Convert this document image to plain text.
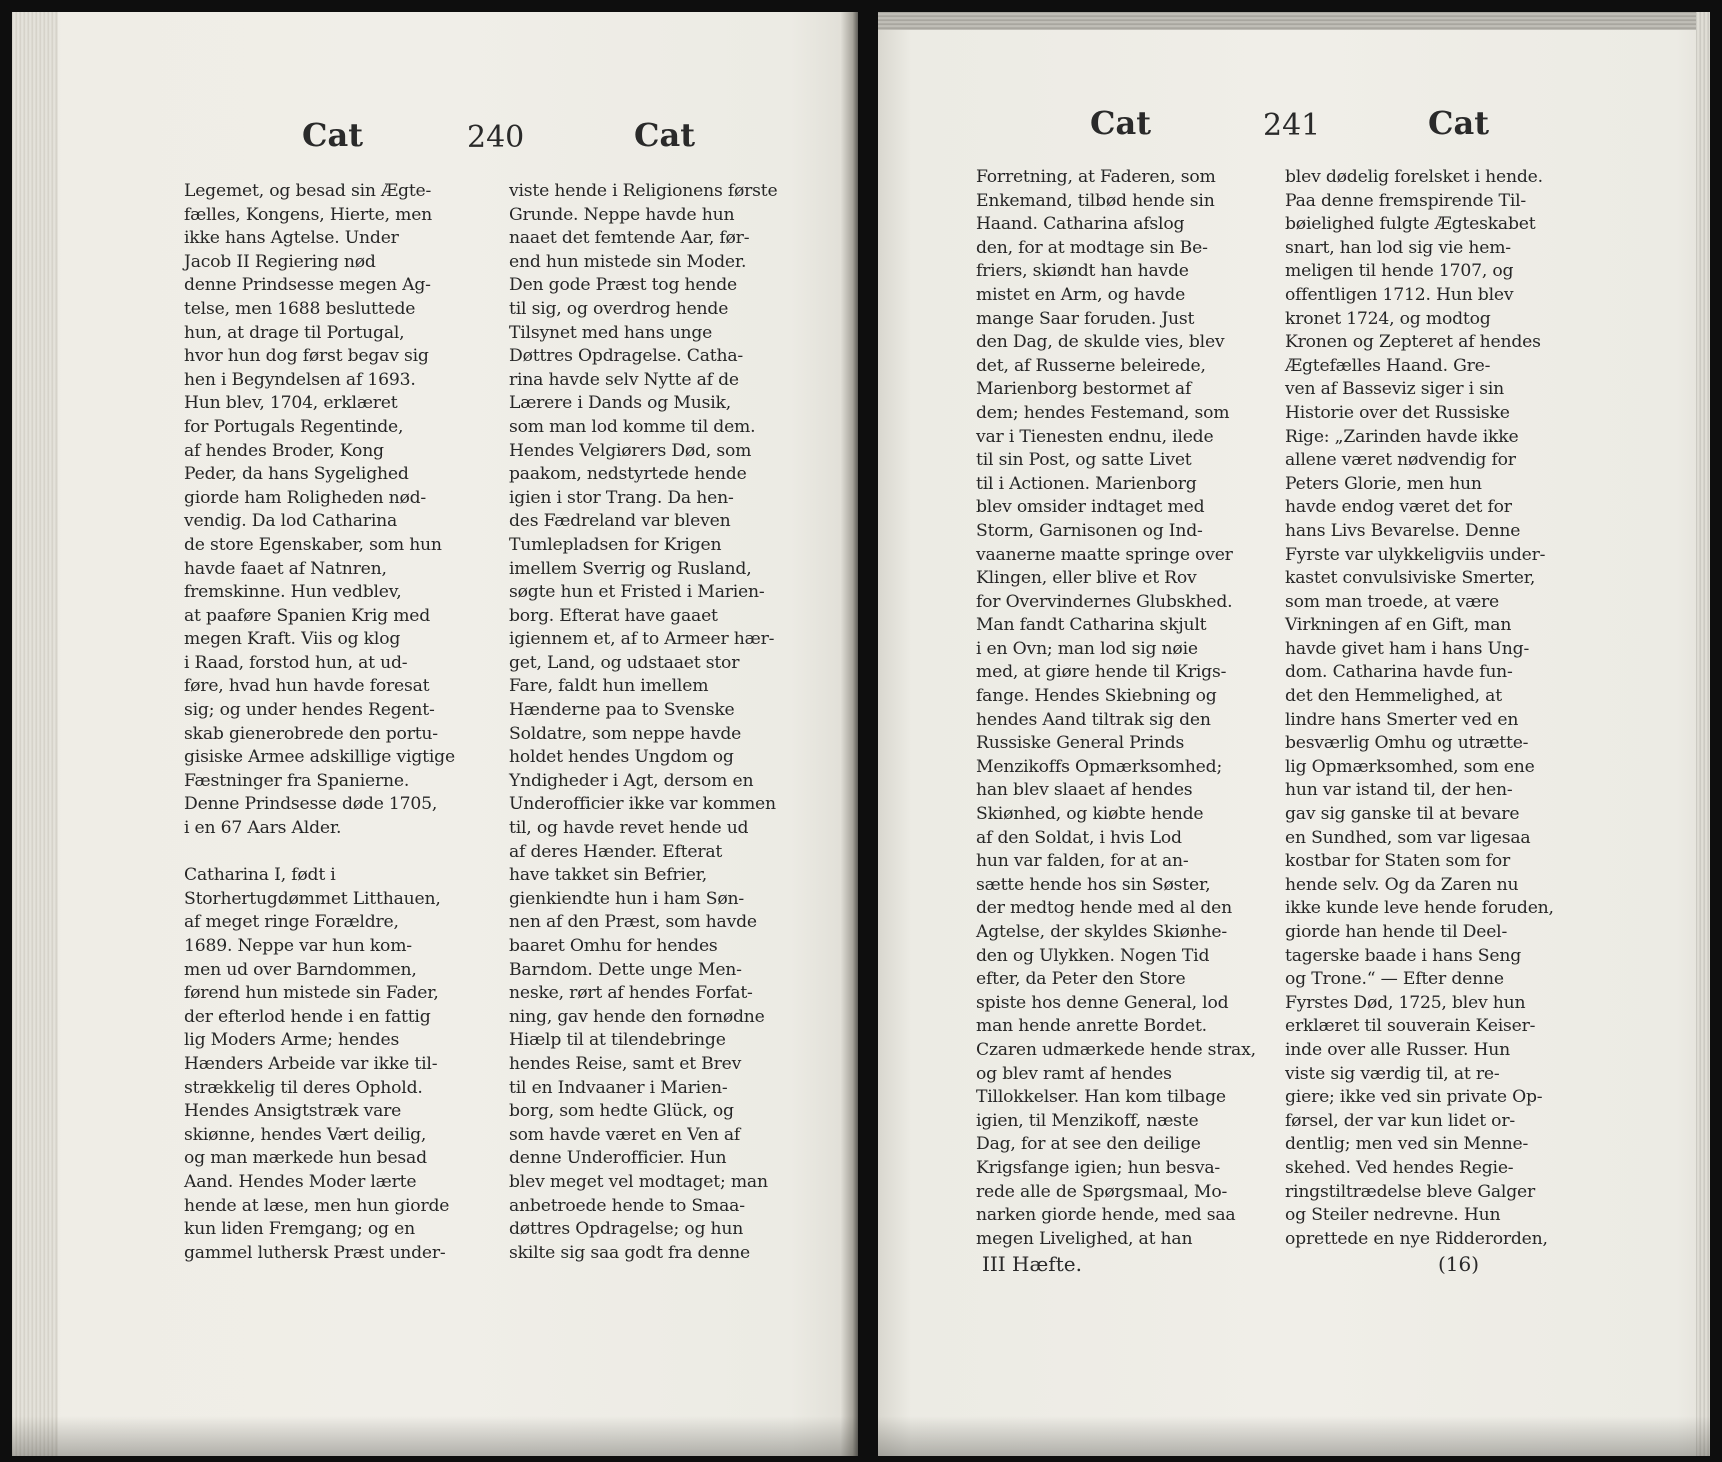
Cat	240	Cat
Legemet, og besad sin Ægte-
fælles, Kongens, Hierte, men
ikke hans Agtelse. Under
Jacob II Regiering nød
denne Prindsesse megen Ag-
telse, men 1688 besluttede
hun, at drage til Portugal,
hvor hun dog først begav sig
hen i Begyndelsen af 1693.
Hun blev, 1704, erklæret
for Portugals Regentinde,
af hendes Broder, Kong
Peder, da hans Sygelighed
giorde ham Roligheden nød-
vendig. Da lod Catharina
de store Egenskaber, som hun
havde faaet af Natnren,
fremskinne. Hun vedblev,
at paaføre Spanien Krig med
megen Kraft. Viis og klog
i Raad, forstod hun, at ud-
føre, hvad hun havde foresat
sig; og under hendes Regent-
skab gienerobrede den portu-
gisiske Armee adskillige vigtige
Fæstninger fra Spanierne.
Denne Prindsesse døde 1705,
i en 67 Aars Alder.

Catharina I, født i
Storhertugdømmet Litthauen,
af meget ringe Forældre,
1689. Neppe var hun kom-
men ud over Barndommen,
førend hun mistede sin Fader,
der efterlod hende i en fattig
lig Moders Arme; hendes
Hænders Arbeide var ikke til-
strækkelig til deres Ophold.
Hendes Ansigtstræk vare
skiønne, hendes Vært deilig,
og man mærkede hun besad
Aand. Hendes Moder lærte
hende at læse, men hun giorde
kun liden Fremgang; og en
gammel luthersk Præst under-
viste hende i Religionens første
Grunde. Neppe havde hun
naaet det femtende Aar, før-
end hun mistede sin Moder.
Den gode Præst tog hende
til sig, og overdrog hende
Tilsynet med hans unge
Døttres Opdragelse. Catha-
rina havde selv Nytte af de
Lærere i Dands og Musik,
som man lod komme til dem.
Hendes Velgiørers Død, som
paakom, nedstyrtede hende
igien i stor Trang. Da hen-
des Fædreland var bleven
Tumlepladsen for Krigen
imellem Sverrig og Rusland,
søgte hun et Fristed i Marien-
borg. Efterat have gaaet
igiennem et, af to Armeer hær-
get, Land, og udstaaet stor
Fare, faldt hun imellem
Hænderne paa to Svenske
Soldatre, som neppe havde
holdet hendes Ungdom og
Yndigheder i Agt, dersom en
Underofficier ikke var kommen
til, og havde revet hende ud
af deres Hænder. Efterat
have takket sin Befrier,
gienkiendte hun i ham Søn-
nen af den Præst, som havde
baaret Omhu for hendes
Barndom. Dette unge Men-
neske, rørt af hendes Forfat-
ning, gav hende den fornødne
Hiælp til at tilendebringe
hendes Reise, samt et Brev
til en Indvaaner i Marien-
borg, som hedte Glück, og
som havde været en Ven af
denne Underofficier. Hun
blev meget vel modtaget; man
anbetroede hende to Smaa-
døttres Opdragelse; og hun
skilte sig saa godt fra denne
Cat	241	Cat
Forretning, at Faderen, som
Enkemand, tilbød hende sin
Haand. Catharina afslog
den, for at modtage sin Be-
friers, skiøndt han havde
mistet en Arm, og havde
mange Saar foruden. Just
den Dag, de skulde vies, blev
det, af Russerne beleirede,
Marienborg bestormet af
dem; hendes Festemand, som
var i Tienesten endnu, ilede
til sin Post, og satte Livet
til i Actionen. Marienborg
blev omsider indtaget med
Storm, Garnisonen og Ind-
vaanerne maatte springe over
Klingen, eller blive et Rov
for Overvindernes Glubskhed.
Man fandt Catharina skjult
i en Ovn; man lod sig nøie
med, at giøre hende til Krigs-
fange. Hendes Skiebning og
hendes Aand tiltrak sig den
Russiske General Prinds
Menzikoffs Opmærksomhed;
han blev slaaet af hendes
Skiønhed, og kiøbte hende
af den Soldat, i hvis Lod
hun var falden, for at an-
sætte hende hos sin Søster,
der medtog hende med al den
Agtelse, der skyldes Skiønhe-
den og Ulykken. Nogen Tid
efter, da Peter den Store
spiste hos denne General, lod
man hende anrette Bordet.
Czaren udmærkede hende strax,
og blev ramt af hendes
Tillokkelser. Han kom tilbage
igien, til Menzikoff, næste
Dag, for at see den deilige
Krigsfange igien; hun besva-
rede alle de Spørgsmaal, Mo-
narken giorde hende, med saa
megen Livelighed, at han
blev dødelig forelsket i hende.
Paa denne fremspirende Til-
bøielighed fulgte Ægteskabet
snart, han lod sig vie hem-
meligen til hende 1707, og
offentligen 1712. Hun blev
kronet 1724, og modtog
Kronen og Zepteret af hendes
Ægtefælles Haand. Gre-
ven af Basseviz siger i sin
Historie over det Russiske
Rige: „Zarinden havde ikke
allene været nødvendig for
Peters Glorie, men hun
havde endog været det for
hans Livs Bevarelse. Denne
Fyrste var ulykkeligviis under-
kastet convulsiviske Smerter,
som man troede, at være
Virkningen af en Gift, man
havde givet ham i hans Ung-
dom. Catharina havde fun-
det den Hemmelighed, at
lindre hans Smerter ved en
besværlig Omhu og utrætte-
lig Opmærksomhed, som ene
hun var istand til, der hen-
gav sig ganske til at bevare
en Sundhed, som var ligesaa
kostbar for Staten som for
hende selv. Og da Zaren nu
ikke kunde leve hende foruden,
giorde han hende til Deel-
tagerske baade i hans Seng
og Trone.“ — Efter denne
Fyrstes Død, 1725, blev hun
erklæret til souverain Keiser-
inde over alle Russer. Hun
viste sig værdig til, at re-
giere; ikke ved sin private Op-
førsel, der var kun lidet or-
dentlig; men ved sin Menne-
skehed. Ved hendes Regie-
ringstiltrædelse bleve Galger
og Steiler nedrevne. Hun
oprettede en nye Ridderorden,
III Hæfte.	(16)
